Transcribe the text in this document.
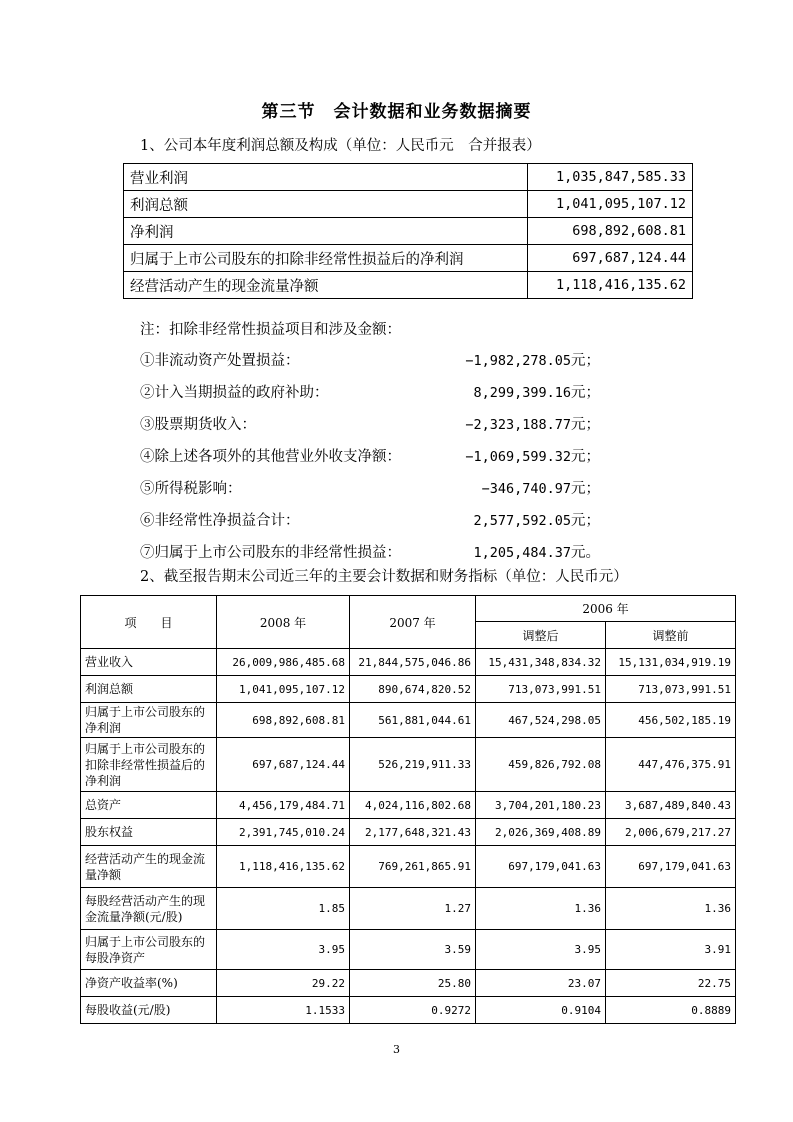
第三节　会计数据和业务数据摘要
1、公司本年度利润总额及构成（单位：人民币元　合并报表）
营业利润	1,035,847,585.33
利润总额	1,041,095,107.12
净利润	698,892,608.81
归属于上市公司股东的扣除非经常性损益后的净利润	697,687,124.44
经营活动产生的现金流量净额	1,118,416,135.62
注：扣除非经常性损益项目和涉及金额：
①非流动资产处置损益：	−1,982,278.05元；
②计入当期损益的政府补助：	8,299,399.16元；
③股票期货收入：	−2,323,188.77元；
④除上述各项外的其他营业外收支净额：	−1,069,599.32元；
⑤所得税影响：	−346,740.97元；
⑥非经常性净损益合计：	2,577,592.05元；
⑦归属于上市公司股东的非经常性损益：	1,205,484.37元。
2、截至报告期末公司近三年的主要会计数据和财务指标（单位：人民币元）
项　　目	2008 年	2007 年	2006 年	
			调整后	调整前
营业收入	26,009,986,485.68	21,844,575,046.86	15,431,348,834.32	15,131,034,919.19
利润总额	1,041,095,107.12	890,674,820.52	713,073,991.51	713,073,991.51
归属于上市公司股东的净利润	698,892,608.81	561,881,044.61	467,524,298.05	456,502,185.19
归属于上市公司股东的扣除非经常性损益后的净利润	697,687,124.44	526,219,911.33	459,826,792.08	447,476,375.91
总资产	4,456,179,484.71	4,024,116,802.68	3,704,201,180.23	3,687,489,840.43
股东权益	2,391,745,010.24	2,177,648,321.43	2,026,369,408.89	2,006,679,217.27
经营活动产生的现金流量净额	1,118,416,135.62	769,261,865.91	697,179,041.63	697,179,041.63
每股经营活动产生的现金流量净额(元/股)	1.85	1.27	1.36	1.36
归属于上市公司股东的每股净资产	3.95	3.59	3.95	3.91
净资产收益率(%)	29.22	25.80	23.07	22.75
每股收益(元/股)	1.1533	0.9272	0.9104	0.8889
3
